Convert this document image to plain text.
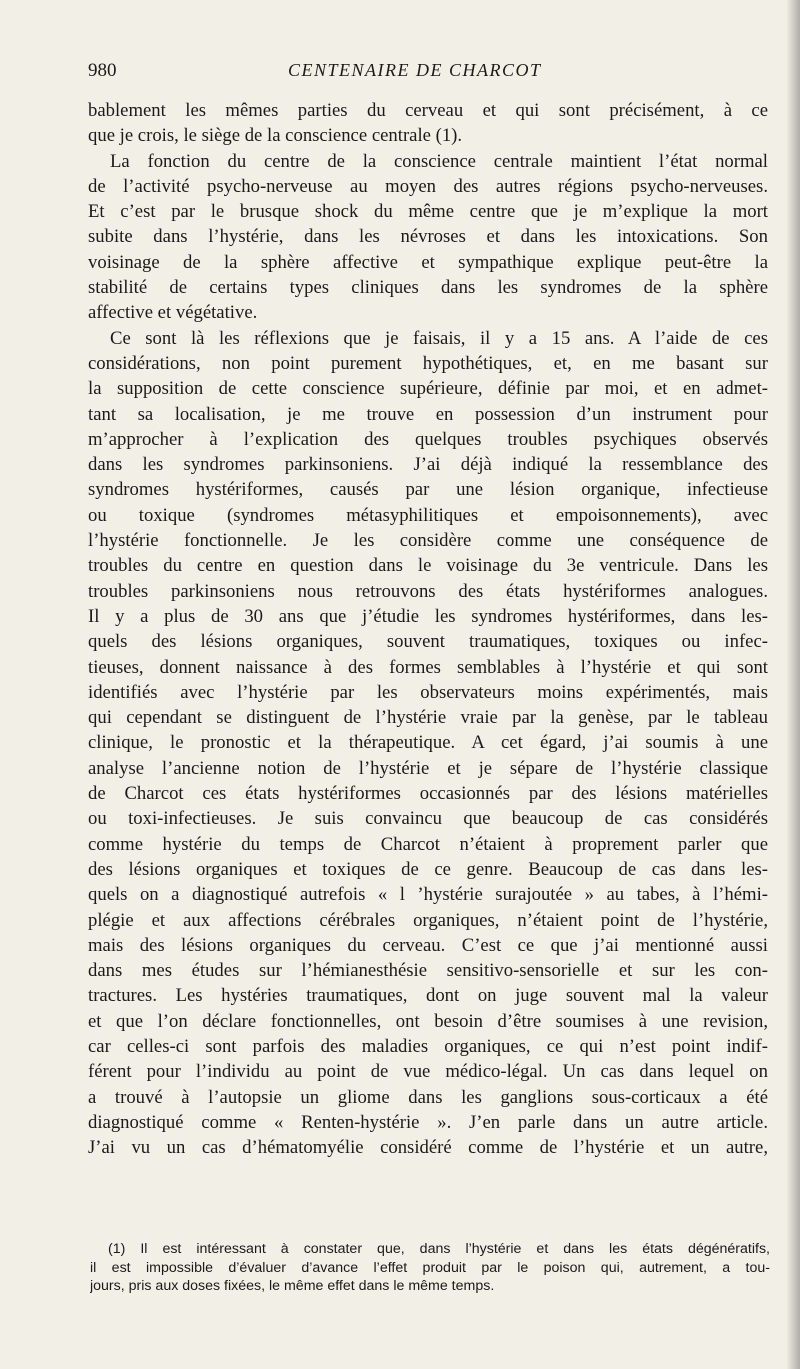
980	CENTENAIRE DE CHARCOT
bablement les mêmes parties du cerveau et qui sont précisément, à ce
que je crois, le siège de la conscience centrale (1).
La fonction du centre de la conscience centrale maintient l’état normal
de l’activité psycho-nerveuse au moyen des autres régions psycho-nerveuses.
Et c’est par le brusque shock du même centre que je m’explique la mort
subite dans l’hystérie, dans les névroses et dans les intoxications. Son
voisinage de la sphère affective et sympathique explique peut-être la
stabilité de certains types cliniques dans les syndromes de la sphère
affective et végétative.
Ce sont là les réflexions que je faisais, il y a 15 ans. A l’aide de ces
considérations, non point purement hypothétiques, et, en me basant sur
la supposition de cette conscience supérieure, définie par moi, et en admet-
tant sa localisation, je me trouve en possession d’un instrument pour
m’approcher à l’explication des quelques troubles psychiques observés
dans les syndromes parkinsoniens. J’ai déjà indiqué la ressemblance des
syndromes hystériformes, causés par une lésion organique, infectieuse
ou toxique (syndromes métasyphilitiques et empoisonnements), avec
l’hystérie fonctionnelle. Je les considère comme une conséquence de
troubles du centre en question dans le voisinage du 3e ventricule. Dans les
troubles parkinsoniens nous retrouvons des états hystériformes analogues.
Il y a plus de 30 ans que j’étudie les syndromes hystériformes, dans les-
quels des lésions organiques, souvent traumatiques, toxiques ou infec-
tieuses, donnent naissance à des formes semblables à l’hystérie et qui sont
identifiés avec l’hystérie par les observateurs moins expérimentés, mais
qui cependant se distinguent de l’hystérie vraie par la genèse, par le tableau
clinique, le pronostic et la thérapeutique. A cet égard, j’ai soumis à une
analyse l’ancienne notion de l’hystérie et je sépare de l’hystérie classique
de Charcot ces états hystériformes occasionnés par des lésions matérielles
ou toxi-infectieuses. Je suis convaincu que beaucoup de cas considérés
comme hystérie du temps de Charcot n’étaient à proprement parler que
des lésions organiques et toxiques de ce genre. Beaucoup de cas dans les-
quels on a diagnostiqué autrefois « l ’hystérie surajoutée » au tabes, à l’hémi-
plégie et aux affections cérébrales organiques, n’étaient point de l’hystérie,
mais des lésions organiques du cerveau. C’est ce que j’ai mentionné aussi
dans mes études sur l’hémianesthésie sensitivo-sensorielle et sur les con-
tractures. Les hystéries traumatiques, dont on juge souvent mal la valeur
et que l’on déclare fonctionnelles, ont besoin d’être soumises à une revision,
car celles-ci sont parfois des maladies organiques, ce qui n’est point indif-
férent pour l’individu au point de vue médico-légal. Un cas dans lequel on
a trouvé à l’autopsie un gliome dans les ganglions sous-corticaux a été
diagnostiqué comme « Renten-hystérie ». J’en parle dans un autre article.
J’ai vu un cas d’hématomyélie considéré comme de l’hystérie et un autre,
(1) Il est intéressant à constater que, dans l’hystérie et dans les états dégénératifs,
il est impossible d’évaluer d’avance l’effet produit par le poison qui, autrement, a tou-
jours, pris aux doses fixées, le même effet dans le même temps.
